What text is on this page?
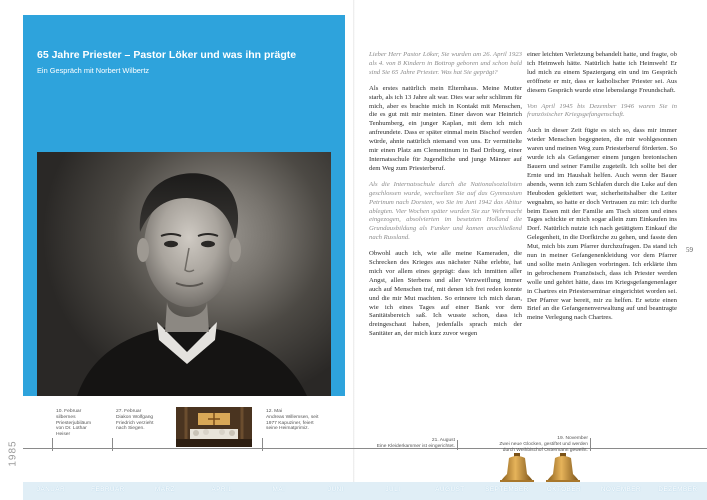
65 Jahre Priester – Pastor Löker und was ihn prägte
Ein Gespräch mit Norbert Wilbertz

Lieber Herr Pastor Löker, Sie wurden am 26. April 1923 als 4. von 8 Kindern in Bottrop geboren und schon bald sind Sie 65 Jahre Priester. Was hat Sie geprägt?

Als erstes natürlich mein Elternhaus. Meine Mutter starb, als ich 13 Jahre alt war. Dies war sehr schlimm für mich, aber es brachte mich in Kontakt mit Menschen, die es gut mit mir meinten. Einer davon war Heinrich Tenhumberg, ein junger Kaplan, mit dem ich mich anfreundete. Dass er später einmal mein Bischof werden würde, ahnte natürlich niemand von uns. Er vermittelte mir einen Platz am Clementinum in Bad Driburg, einer Internatsschule für Jugendliche und junge Männer auf dem Weg zum Priesterberuf.

Als die Internatsschule durch die Nationalsozialisten geschlossen wurde, wechselten Sie auf das Gymnasium Petrinum nach Dorsten, wo Sie im Juni 1942 das Abitur ablegten. Vier Wochen später wurden Sie zur Wehrmacht eingezogen, absolvierten im besetzten Holland die Grundausbildung als Funker und kamen anschließend nach Russland.

Obwohl auch ich, wie alle meine Kameraden, die Schrecken des Krieges aus nächster Nähe erlebte, hat mich vor allem eines geprägt: dass ich inmitten aller Angst, allen Sterbens und aller Verzweiflung immer auch auf Menschen traf, mit denen ich frei reden konnte und die mir Mut machten. So erinnere ich mich daran, wie ich eines Tages auf einer Bank vor dem Sanitätsbereich saß. Ich wusste schon, dass ich dreingeschaut haben, jedenfalls sprach mich der Sanitäter an, der mich kurz zuvor wegen

einer leichten Verletzung behandelt hatte, und fragte, ob ich Heimweh hätte. Natürlich hatte ich Heimweh! Er lud mich zu einem Spaziergang ein und im Gespräch eröffnete er mir, dass er katholischer Priester sei. Aus diesem Gespräch wurde eine lebenslange Freundschaft.

Von April 1945 bis Dezember 1946 waren Sie in französischer Kriegsgefangenschaft.

Auch in dieser Zeit fügte es sich so, dass mir immer wieder Menschen begegneten, die mir wohlgesonnen waren und meinen Weg zum Priesterberuf förderten. So wurde ich als Gefangener einem jungen bretonischen Bauern und seiner Familie zugeteilt. Ich sollte bei der Ernte und im Haushalt helfen. Auch wenn der Bauer abends, wenn ich zum Schlafen durch die Luke auf den Heuboden geklettert war, sicherheitshalber die Leiter wegnahm, so hatte er doch Vertrauen zu mir: ich durfte beim Essen mit der Familie am Tisch sitzen und eines Tages schickte er mich sogar allein zum Einkaufen ins Dorf. Natürlich nutzte ich nach getätigtem Einkauf die Gelegenheit, in die Dorfkirche zu gehen, und fasste den Mut, mich bis zum Pfarrer durchzufragen. Da stand ich nun in meiner Gefangenenkleidung vor dem Pfarrer und sollte mein Anliegen vorbringen. Ich erklärte ihm in gebrochenem Französisch, dass ich Priester werden wolle und gehört hätte, dass im Kriegsgefangenenlager in Chartres ein Priesterseminar eingerichtet worden sei. Der Pfarrer war bereit, mir zu helfen. Er setzte einen Brief an die Gefangenenverwaltung auf und beantragte meine Verlegung nach Chartres.

59
1985
10. Februar
silbernes
Priesterjubiläum
von Dr. Lothar
Heiser
27. Februar
Diakon Wolfgang
Friedrich verzieht
nach Siegen.
12. Mai
Andreas Willemsen, seit
1977 Kapuziner, feiert
seine Heimatprimiz.
21. August
Eine Kleiderkammer ist eingerichtet.
19. November
Zwei neue Glocken, gestiftet und werden
durch Weihbischof Ostermann geweiht.
JANUAR	FEBRUAR	MÄRZ	APRIL	MAI	JUNI	JULI	AUGUST	SEPTEMBER	OKTOBER	NOVEMBER	DEZEMBER
